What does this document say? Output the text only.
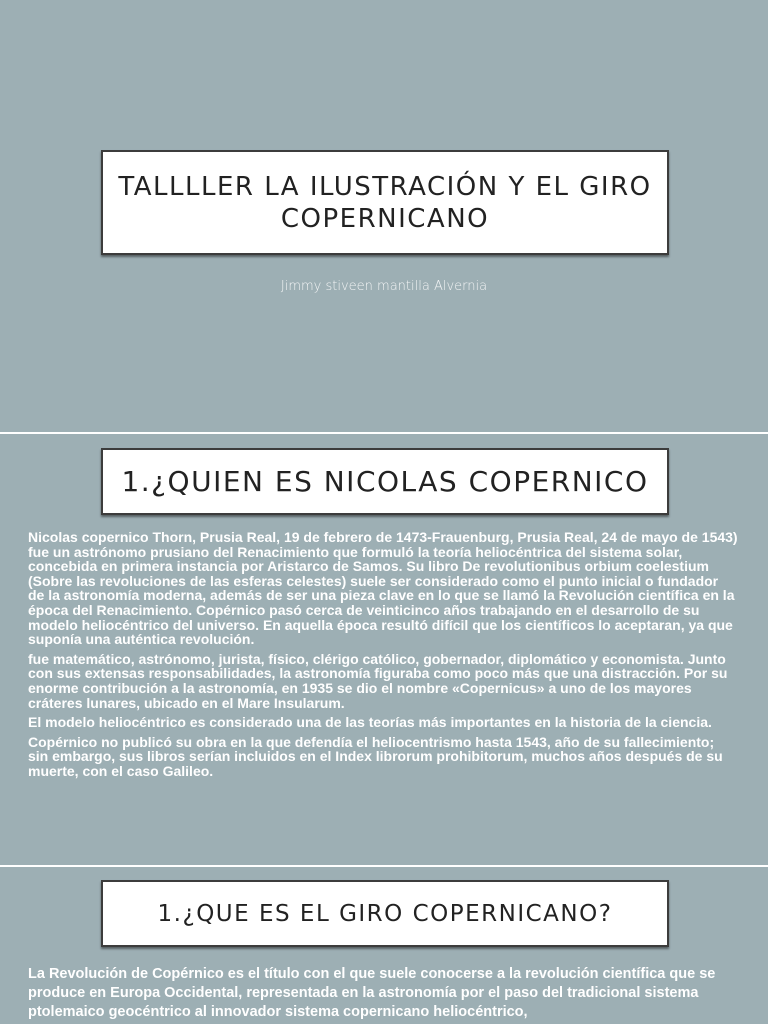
TALLLLER LA ILUSTRACIÓN Y EL GIRO COPERNICANO
Jimmy stiveen mantilla Alvernia
1.¿QUIEN ES NICOLAS COPERNICO

Nicolas copernico Thorn, Prusia Real, 19 de febrero de 1473-Frauenburg, Prusia Real, 24 de mayo de 1543) fue un astrónomo prusiano del Renacimiento que formuló la teoría heliocéntrica del sistema solar, concebida en primera instancia por Aristarco de Samos. Su libro De revolutionibus orbium coelestium (Sobre las revoluciones de las esferas celestes) suele ser considerado como el punto inicial o fundador de la astronomía moderna, además de ser una pieza clave en lo que se llamó la Revolución científica en la época del Renacimiento. Copérnico pasó cerca de veinticinco años trabajando en el desarrollo de su modelo heliocéntrico del universo. En aquella época resultó difícil que los científicos lo aceptaran, ya que suponía una auténtica revolución.

fue matemático, astrónomo, jurista, físico, clérigo católico, gobernador, diplomático y economista. Junto con sus extensas responsabilidades, la astronomía figuraba como poco más que una distracción. Por su enorme contribución a la astronomía, en 1935 se dio el nombre «Copernicus» a uno de los mayores cráteres lunares, ubicado en el Mare Insularum.

El modelo heliocéntrico es considerado una de las teorías más importantes en la historia de la ciencia.

Copérnico no publicó su obra en la que defendía el heliocentrismo hasta 1543, año de su fallecimiento; sin embargo, sus libros serían incluidos en el Index librorum prohibitorum, muchos años después de su muerte, con el caso Galileo.

1.¿QUE ES EL GIRO COPERNICANO?

La Revolución de Copérnico es el título con el que suele conocerse a la revolución científica que se produce en Europa Occidental, representada en la astronomía por el paso del tradicional sistema ptolemaico geocéntrico al innovador sistema copernicano heliocéntrico,
